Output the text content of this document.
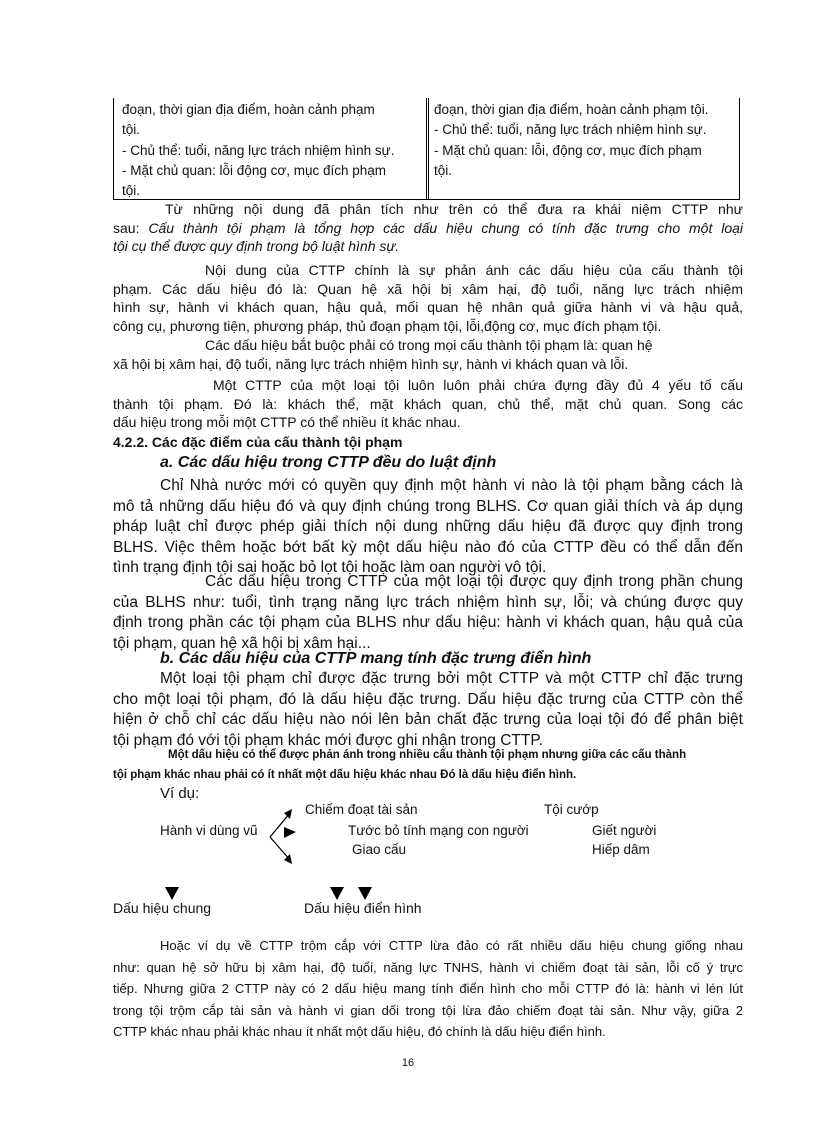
đoạn, thời gian địa điểm, hoàn cảnh phạm
tội.
- Chủ thể: tuổi, năng lực trách nhiệm hình sự.
- Mặt chủ quan: lỗi động cơ, mục đích phạm
tội.
đoạn, thời gian địa điểm, hoàn cảnh phạm tội.
- Chủ thể: tuổi, năng lực trách nhiệm hình sự.
- Mặt chủ quan: lỗi, động cơ, mục đích phạm
tội.
Từ những nội dung đã phân tích như trên có thể đưa ra khái niệm CTTP như
sau: Cấu thành tội phạm là tổng hợp các dấu hiệu chung có tính đặc trưng cho một loại
tội cụ thể được quy định trong bộ luật hình sự.
Nội dung của CTTP chính là sự phản ánh các dấu hiệu của cấu thành tội
phạm. Các dấu hiệu đó là: Quan hệ xã hội bị xâm hại, độ tuổi, năng lực trách nhiệm
hình sự, hành vi khách quan, hậu quả, mối quan hệ nhân quả giữa hành vi và hậu quả,
công cụ, phương tiện, phương pháp, thủ đoạn phạm tội, lỗi,động cơ, mục đích phạm tội.
Các dấu hiệu bắt buộc phải có trong mọi cấu thành tội phạm là: quan hệ
xã hội bị xâm hại, độ tuổi, năng lực trách nhiệm hình sự, hành vi khách quan và lỗi.
Một CTTP của một loại tội luôn luôn phải chứa đựng đầy đủ 4 yếu tố cấu
thành tội phạm. Đó là: khách thể, mặt khách quan, chủ thể, mặt chủ quan. Song các
dấu hiệu trong mỗi một CTTP có thể nhiều ít khác nhau.
4.2.2. Các đặc điểm của cấu thành tội phạm
a. Các dấu hiệu trong CTTP đều do luật định
Chỉ Nhà nước mới có quyền quy định một hành vi nào là tội phạm bằng cách là
mô tả những dấu hiệu đó và quy định chúng trong BLHS. Cơ quan giải thích và áp dụng
pháp luật chỉ được phép giải thích nội dung những dấu hiệu đã được quy định trong
BLHS. Việc thêm hoặc bớt bất kỳ một dấu hiệu nào đó của CTTP đều có thể dẫn đến
tình trạng định tội sai hoặc bỏ lọt tội hoặc làm oan người vô tội.
Các dấu hiệu trong CTTP của một loại tội được quy định trong phần chung
của BLHS như: tuổi, tình trạng năng lực trách nhiệm hình sự, lỗi; và chúng được quy
định trong phần các tội phạm của BLHS như dấu hiệu: hành vi khách quan, hậu quả của
tội phạm, quan hệ xã hội bị xâm hại...
b. Các dấu hiệu của CTTP mang tính đặc trưng điển hình
Một loại tội phạm chỉ được đặc trưng bởi một CTTP và một CTTP chỉ đặc trưng
cho một loại tội phạm, đó là dấu hiệu đặc trưng. Dấu hiệu đặc trưng của CTTP còn thể
hiện ở chỗ chỉ các dấu hiệu nào nói lên bản chất đặc trưng của loại tội đó để phân biệt
tội phạm đó với tội phạm khác mới được ghi nhận trong CTTP.
Một dấu hiệu có thể được phản ánh trong nhiều cấu thành tội phạm nhưng giữa các cấu thành
tội phạm khác nhau phải có ít nhất một dấu hiệu khác nhau Đó là dấu hiệu điển hình.
Ví dụ:
Chiếm đoạt tài sản
Hành vi dùng vũ	Tước bỏ tính mạng con người
Giao cấu
Tội cướp
Giết người
Hiếp dâm
Dấu hiệu chung	Dấu hiệu điển hình
Hoặc ví dụ về CTTP trộm cắp với CTTP lừa đảo có rất nhiều dấu hiệu chung giống nhau
như: quan hệ sở hữu bị xâm hại, độ tuổi, năng lực TNHS, hành vi chiếm đoạt tài sản, lỗi cố ý trực
tiếp. Nhưng giữa 2 CTTP này có 2 dấu hiệu mang tính điển hình cho mỗi CTTP đó là: hành vi lén lút
trong tội trộm cắp tài sản và hành vi gian dối trong tội lừa đảo chiếm đoạt tài sản. Như vậy, giữa 2
CTTP khác nhau phải khác nhau ít nhất một dấu hiệu, đó chính là dấu hiệu điển hình.
16
